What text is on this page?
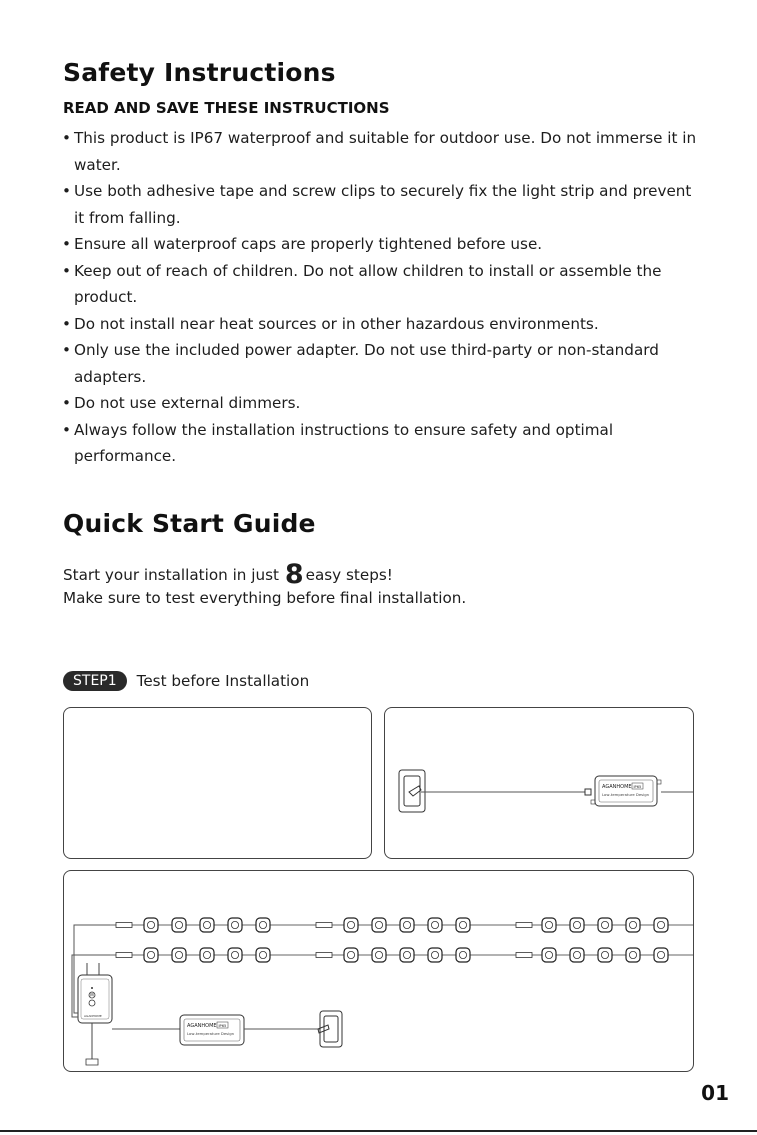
Safety Instructions
READ AND SAVE THESE INSTRUCTIONS
• This product is IP67 waterproof and suitable for outdoor use. Do not immerse it in water.
• Use both adhesive tape and screw clips to securely fix the light strip and prevent it from falling.
• Ensure all waterproof caps are properly tightened before use.
• Keep out of reach of children. Do not allow children to install or assemble the product.
• Do not install near heat sources or in other hazardous environments.
• Only use the included power adapter. Do not use third-party or non-standard adapters.
• Do not use external dimmers.
• Always follow the installation instructions to ensure safety and optimal performance.
Quick Start Guide
Start your installation in just 8 easy steps!
Make sure to test everything before final installation.
STEP1	Test before Installation
AGANHOME IP65
Low-temperature Design
M
AGANHOME
AGANHOME IP65
Low-temperature Design
01
